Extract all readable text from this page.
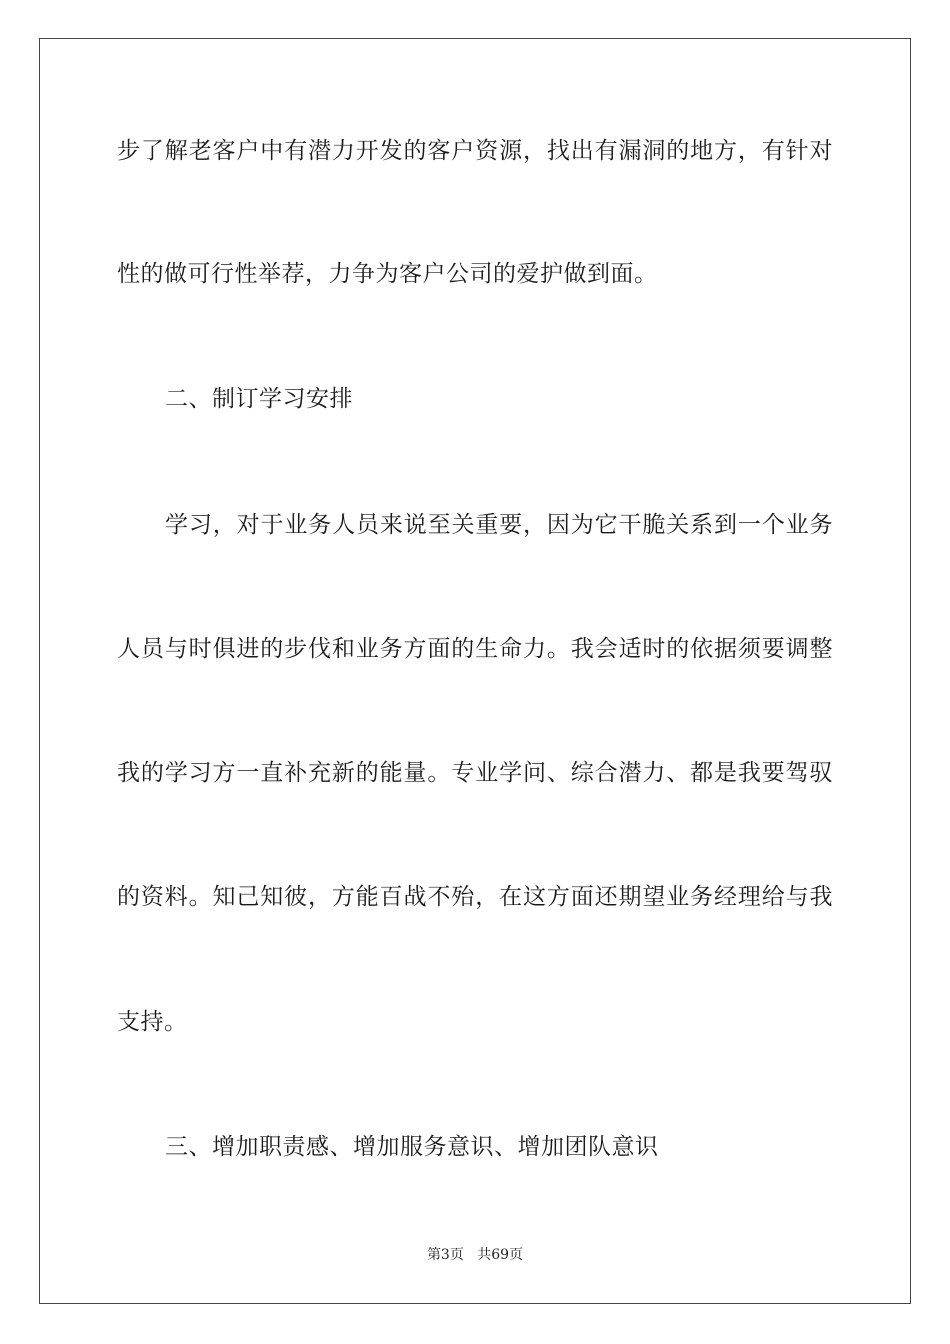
步了解老客户中有潜力开发的客户资源，找出有漏洞的地方，有针对
性的做可行性举荐，力争为客户公司的爱护做到面。
二、制订学习安排
学习，对于业务人员来说至关重要，因为它干脆关系到一个业务
人员与时俱进的步伐和业务方面的生命力。我会适时的依据须要调整
我的学习方一直补充新的能量。专业学问、综合潜力、都是我要驾驭
的资料。知己知彼，方能百战不殆，在这方面还期望业务经理给与我
支持。
三、增加职责感、增加服务意识、增加团队意识
第3页 共69页
